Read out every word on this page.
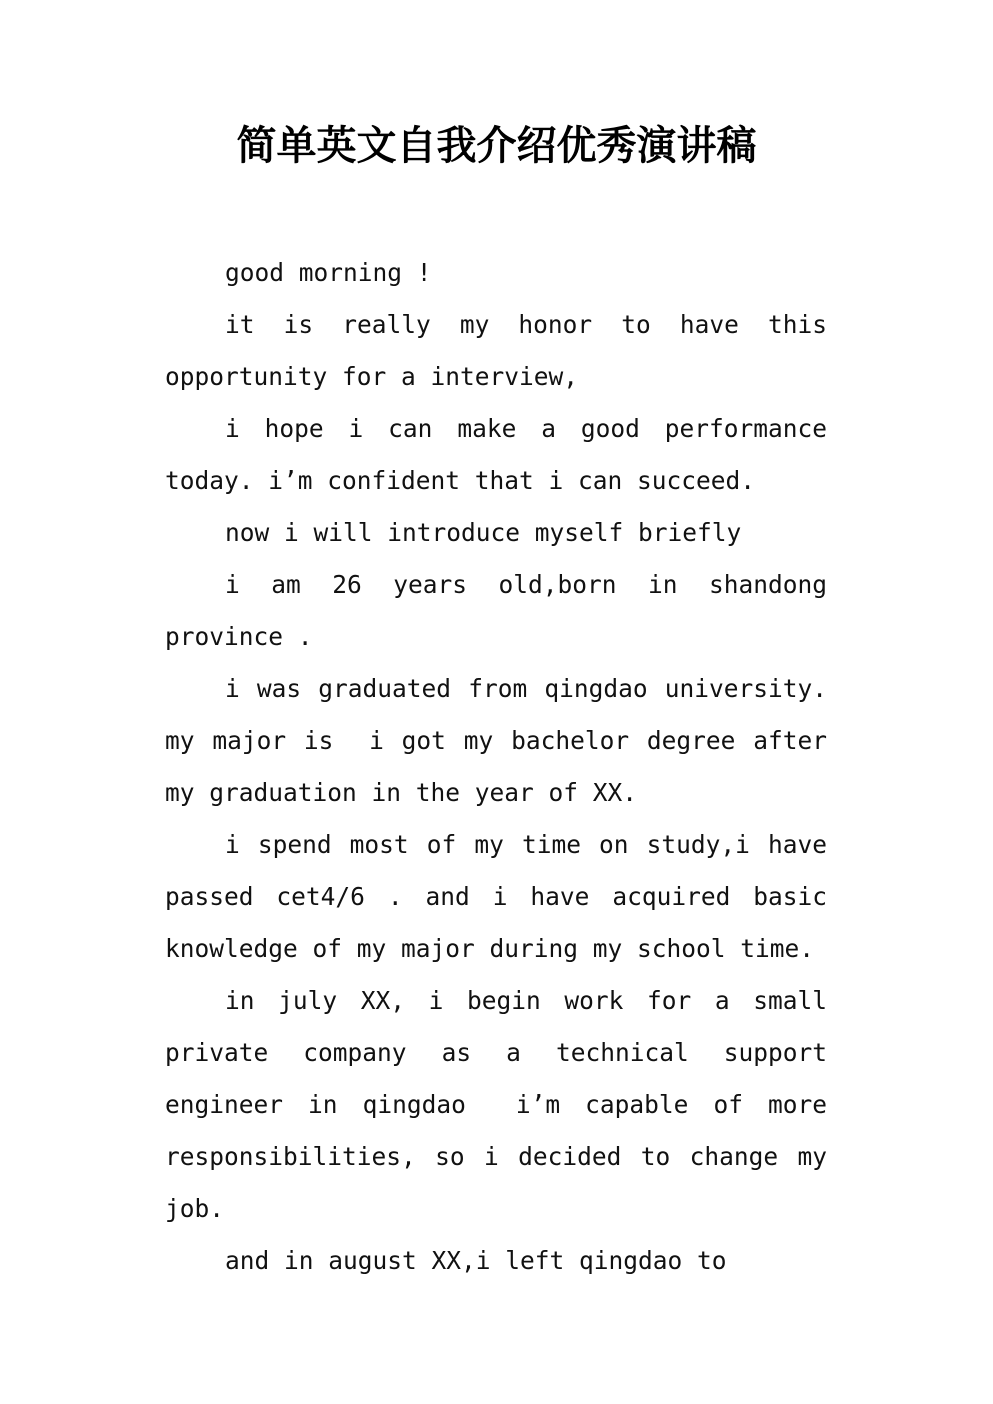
简单英文自我介绍优秀演讲稿

good morning !

it is really my honor to have this opportunity for a interview,

i hope i can make a good performance today. i’m confident that i can succeed.

now i will introduce myself briefly

i am 26 years old,born in shandong province .

i was graduated from qingdao university. my major is  i got my bachelor degree after my graduation in the year of XX.

i spend most of my time on study,i have passed cet4/6 . and i have acquired basic knowledge of my major during my school time.

in july XX, i begin work for a small private company as a technical support engineer in qingdao  i’m capable of more responsibilities, so i decided to change my job.

and in august XX,i left qingdao to
